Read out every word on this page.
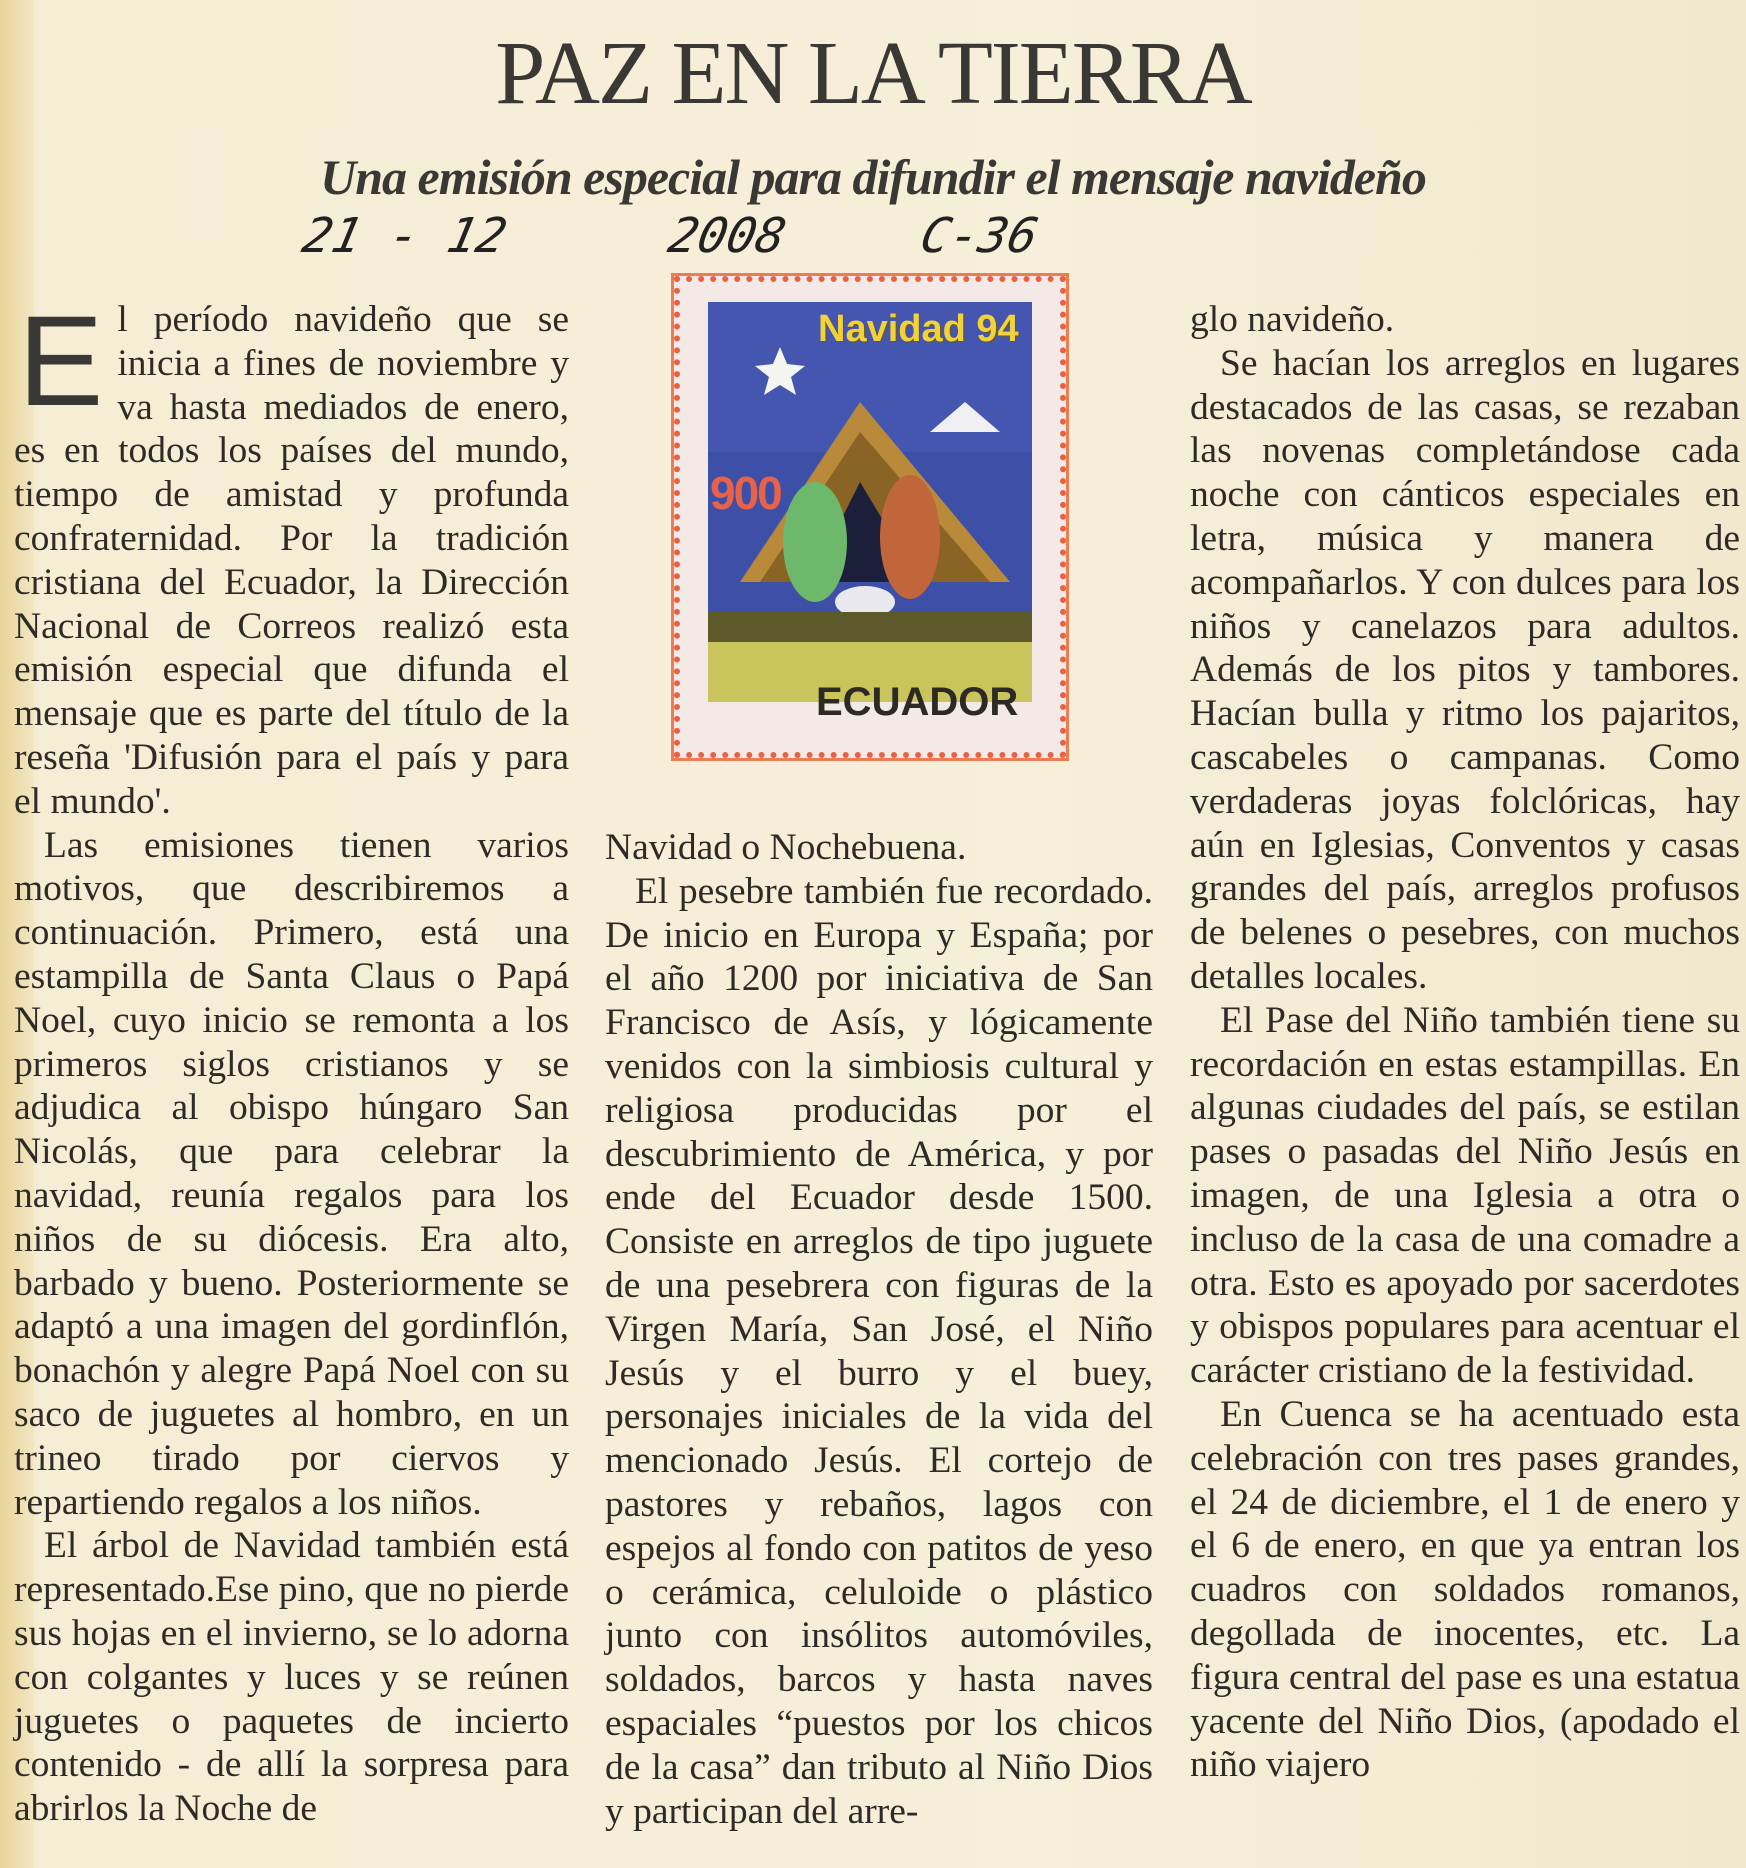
PAZ EN LA TIERRA
Una emisión especial para difundir el mensaje navideño
21 - 12	2008	C-36
Navidad 94
900
ECUADOR

El período navideño que se inicia a fines de noviembre y va hasta mediados de enero, es en todos los países del mundo, tiempo de amistad y profunda confraternidad. Por la tradición cristiana del Ecuador, la Dirección Nacional de Correos realizó esta emisión especial que difunda el mensaje que es parte del título de la reseña 'Difusión para el país y para el mundo'.

Las emisiones tienen varios motivos, que describiremos a continuación. Primero, está una estampilla de Santa Claus o Papá Noel, cuyo inicio se remonta a los primeros siglos cristianos y se adjudica al obispo húngaro San Nicolás, que para celebrar la navidad, reunía regalos para los niños de su diócesis. Era alto, barbado y bueno. Posteriormente se adaptó a una imagen del gordinflón, bonachón y alegre Papá Noel con su saco de juguetes al hombro, en un trineo tirado por ciervos y repartiendo regalos a los niños.

El árbol de Navidad también está representado.Ese pino, que no pierde sus hojas en el invierno, se lo adorna con colgantes y luces y se reúnen juguetes o paquetes de incierto contenido - de allí la sorpresa para abrirlos la Noche de

Navidad o Nochebuena.

El pesebre también fue recordado. De inicio en Europa y España; por el año 1200 por iniciativa de San Francisco de Asís, y lógicamente venidos con la simbiosis cultural y religiosa producidas por el descubrimiento de América, y por ende del Ecuador desde 1500. Consiste en arreglos de tipo juguete de una pesebrera con figuras de la Virgen María, San José, el Niño Jesús y el burro y el buey, personajes iniciales de la vida del mencionado Jesús. El cortejo de pastores y rebaños, lagos con espejos al fondo con patitos de yeso o cerámica, celuloide o plástico junto con insólitos automóviles, soldados, barcos y hasta naves espaciales “puestos por los chicos de la casa” dan tributo al Niño Dios y participan del arre-

glo navideño.

Se hacían los arreglos en lugares destacados de las casas, se rezaban las novenas completándose cada noche con cánticos especiales en letra, música y manera de acompañarlos. Y con dulces para los niños y canelazos para adultos. Además de los pitos y tambores. Hacían bulla y ritmo los pajaritos, cascabeles o campanas. Como verdaderas joyas folclóricas, hay aún en Iglesias, Conventos y casas grandes del país, arreglos profusos de belenes o pesebres, con muchos detalles locales.

El Pase del Niño también tiene su recordación en estas estampillas. En algunas ciudades del país, se estilan pases o pasadas del Niño Jesús en imagen, de una Iglesia a otra o incluso de la casa de una comadre a otra. Esto es apoyado por sacerdotes y obispos populares para acentuar el carácter cristiano de la festividad.

En Cuenca se ha acentuado esta celebración con tres pases grandes, el 24 de diciembre, el 1 de enero y el 6 de enero, en que ya entran los cuadros con soldados romanos, degollada de inocentes, etc. La figura central del pase es una estatua yacente del Niño Dios, (apodado el niño viajero
